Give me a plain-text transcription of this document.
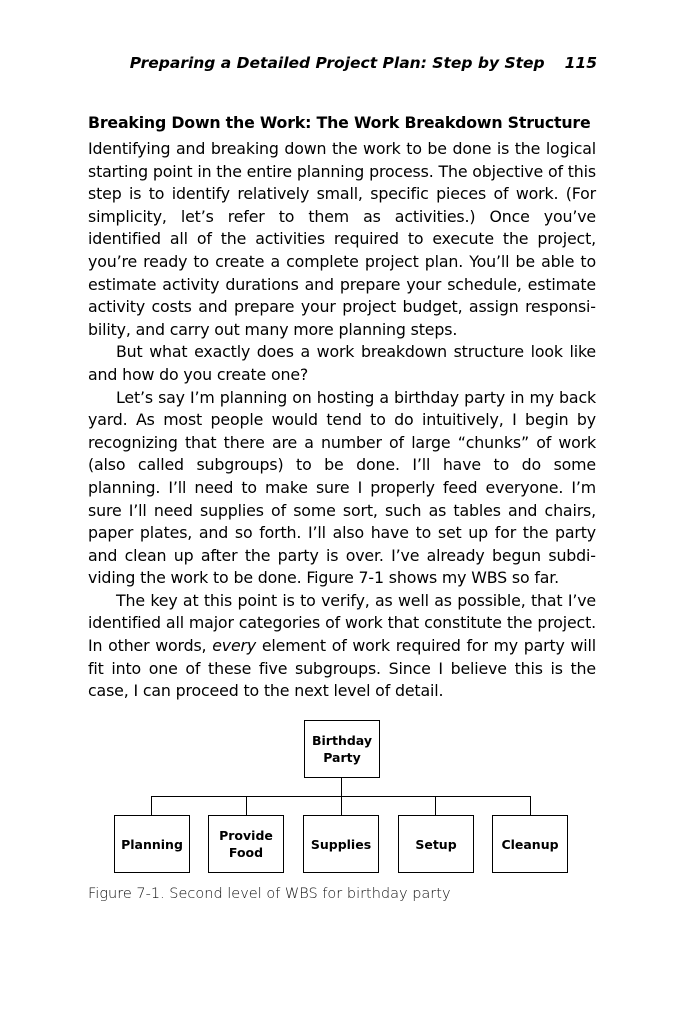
Preparing a Detailed Project Plan: Step by Step 115
Breaking Down the Work: The Work Breakdown Structure

Identifying and breaking down the work to be done is the logical starting point in the entire planning process. The objective of this step is to identify relatively small, specific pieces of work. (For simplicity, let’s refer to them as activities.) Once you’ve identified all of the activities required to execute the project, you’re ready to create a complete project plan. You’ll be able to estimate activity durations and prepare your schedule, estimate activity costs and prepare your project budget, assign responsibility, and carry out many more planning steps.

But what exactly does a work breakdown structure look like and how do you create one?

Let’s say I’m planning on hosting a birthday party in my back yard. As most people would tend to do intuitively, I begin by recognizing that there are a number of large “chunks” of work (also called subgroups) to be done. I’ll have to do some planning. I’ll need to make sure I properly feed everyone. I’m sure I’ll need supplies of some sort, such as tables and chairs, paper plates, and so forth. I’ll also have to set up for the party and clean up after the party is over. I’ve already begun subdividing the work to be done. Figure 7-1 shows my WBS so far.

The key at this point is to verify, as well as possible, that I’ve identified all major categories of work that constitute the project. In other words, every element of work required for my party will fit into one of these five subgroups. Since I believe this is the case, I can proceed to the next level of detail.

Birthday Party
Planning
Provide Food
Supplies	Setup	Cleanup
Figure 7-1. Second level of WBS for birthday party
